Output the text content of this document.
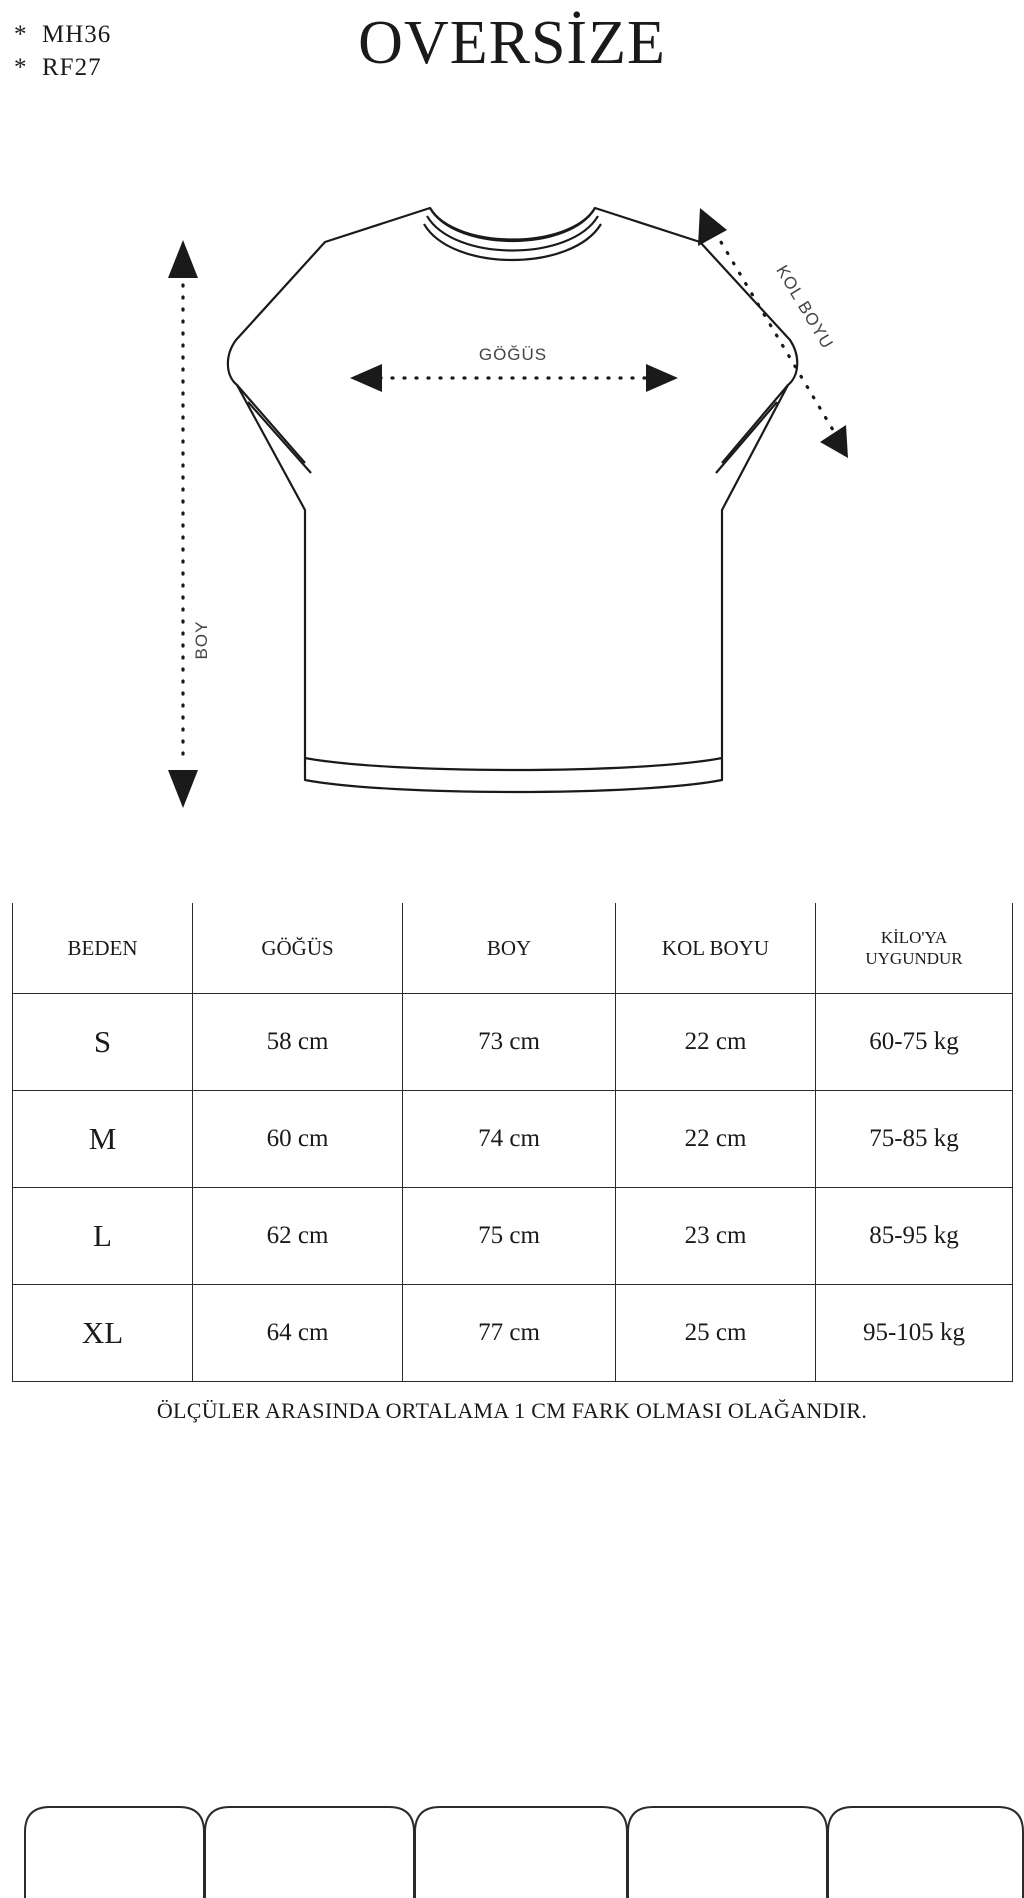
*  MH36
*  RF27	OVERSİZE
GÖĞÜS
BOY
KOL BOYU
BEDEN	GÖĞÜS	BOY	KOL BOYU	KİLO'YA
UYGUNDUR

S	58 cm	73 cm	22 cm	60-75 kg
M	60 cm	74 cm	22 cm	75-85 kg
L	62 cm	75 cm	23 cm	85-95 kg
XL	64 cm	77 cm	25 cm	95-105 kg
ÖLÇÜLER ARASINDA ORTALAMA 1 CM FARK OLMASI OLAĞANDIR.
